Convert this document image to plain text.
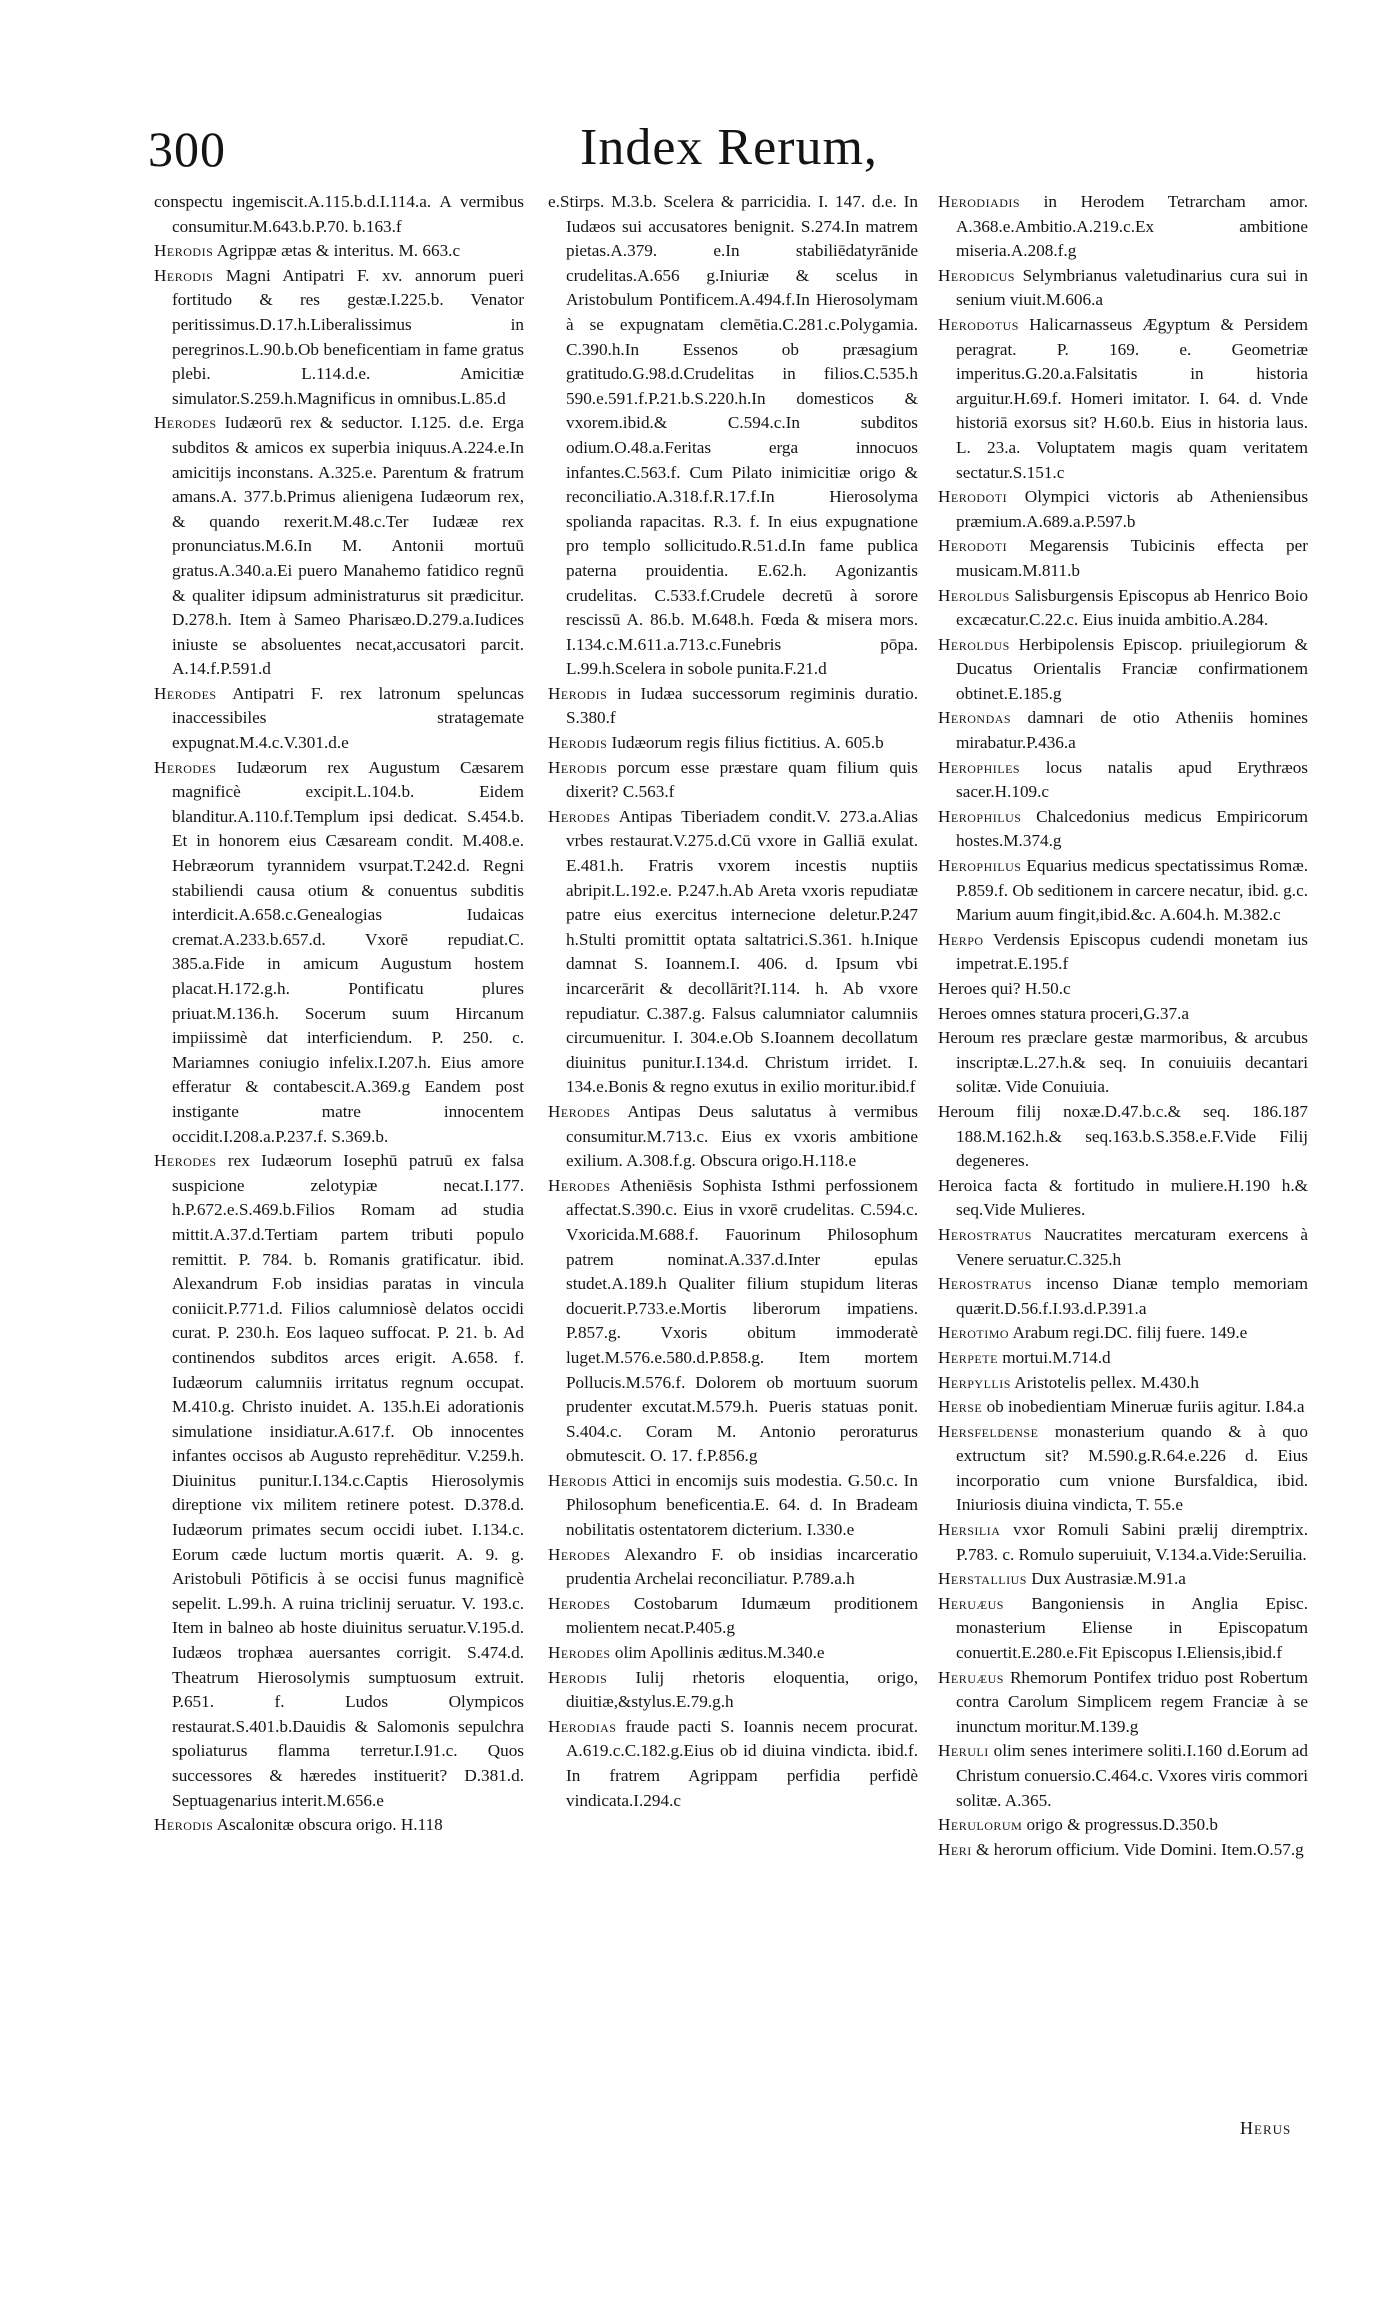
300	Index Rerum,

conspectu ingemiscit.A.115.b.d.I.114.a. A vermibus consumitur.M.643.b.P.70. b.163.f

Herodis Agrippæ ætas & interitus. M. 663.c

Herodis Magni Antipatri F. xv. annorum pueri fortitudo & res gestæ.I.225.b. Venator peritissimus.D.17.h.Liberalissimus in peregrinos.L.90.b.Ob beneficentiam in fame gratus plebi. L.114.d.e. Amicitiæ simulator.S.259.h.Magnificus in omnibus.L.85.d

Herodes Iudæorū rex & seductor. I.125. d.e. Erga subditos & amicos ex superbia iniquus.A.224.e.In amicitijs inconstans. A.325.e. Parentum & fratrum amans.A. 377.b.Primus alienigena Iudæorum rex, & quando rexerit.M.48.c.Ter Iudææ rex pronunciatus.M.6.In M. Antonii mortuū gratus.A.340.a.Ei puero Manahemo fatidico regnū & qualiter idipsum administraturus sit prædicitur. D.278.h. Item à Sameo Pharisæo.D.279.a.Iudices iniuste se absoluentes necat,accusatori parcit. A.14.f.P.591.d

Herodes Antipatri F. rex latronum speluncas inaccessibiles stratagemate expugnat.M.4.c.V.301.d.e

Herodes Iudæorum rex Augustum Cæsarem magnificè excipit.L.104.b. Eidem blanditur.A.110.f.Templum ipsi dedicat. S.454.b. Et in honorem eius Cæsaream condit. M.408.e. Hebræorum tyrannidem vsurpat.T.242.d. Regni stabiliendi causa otium & conuentus subditis interdicit.A.658.c.Genealogias Iudaicas cremat.A.233.b.657.d. Vxorē repudiat.C. 385.a.Fide in amicum Augustum hostem placat.H.172.g.h. Pontificatu plures priuat.M.136.h. Socerum suum Hircanum impiissimè dat interficiendum. P. 250. c. Mariamnes coniugio infelix.I.207.h. Eius amore efferatur & contabescit.A.369.g Eandem post instigante matre innocentem occidit.I.208.a.P.237.f. S.369.b.

Herodes rex Iudæorum Iosephū patruū ex falsa suspicione zelotypiæ necat.I.177. h.P.672.e.S.469.b.Filios Romam ad studia mittit.A.37.d.Tertiam partem tributi populo remittit. P. 784. b. Romanis gratificatur. ibid. Alexandrum F.ob insidias paratas in vincula coniicit.P.771.d. Filios calumniosè delatos occidi curat. P. 230.h. Eos laqueo suffocat. P. 21. b. Ad continendos subditos arces erigit. A.658. f. Iudæorum calumniis irritatus regnum occupat. M.410.g. Christo inuidet. A. 135.h.Ei adorationis simulatione insidiatur.A.617.f. Ob innocentes infantes occisos ab Augusto reprehēditur. V.259.h. Diuinitus punitur.I.134.c.Captis Hierosolymis direptione vix militem retinere potest. D.378.d. Iudæorum primates secum occidi iubet. I.134.c. Eorum cæde luctum mortis quærit. A. 9. g. Aristobuli Pōtificis à se occisi funus magnificè sepelit. L.99.h. A ruina triclinij seruatur. V. 193.c. Item in balneo ab hoste diuinitus seruatur.V.195.d. Iudæos trophæa auersantes corrigit. S.474.d. Theatrum Hierosolymis sumptuosum extruit. P.651. f. Ludos Olympicos restaurat.S.401.b.Dauidis & Salomonis sepulchra spoliaturus flamma terretur.I.91.c. Quos successores & hæredes instituerit? D.381.d. Septuagenarius interit.M.656.e

Herodis Ascalonitæ obscura origo. H.118

e.Stirps. M.3.b. Scelera & parricidia. I. 147. d.e. In Iudæos sui accusatores benignit. S.274.In matrem pietas.A.379. e.In stabiliēdatyrānide crudelitas.A.656 g.Iniuriæ & scelus in Aristobulum Pontificem.A.494.f.In Hierosolymam à se expugnatam clemētia.C.281.c.Polygamia. C.390.h.In Essenos ob præsagium gratitudo.G.98.d.Crudelitas in filios.C.535.h 590.e.591.f.P.21.b.S.220.h.In domesticos & vxorem.ibid.& C.594.c.In subditos odium.O.48.a.Feritas erga innocuos infantes.C.563.f. Cum Pilato inimicitiæ origo & reconciliatio.A.318.f.R.17.f.In Hierosolyma spolianda rapacitas. R.3. f. In eius expugnatione pro templo sollicitudo.R.51.d.In fame publica paterna prouidentia. E.62.h. Agonizantis crudelitas. C.533.f.Crudele decretū à sorore rescissū A. 86.b. M.648.h. Fœda & misera mors. I.134.c.M.611.a.713.c.Funebris pōpa. L.99.h.Scelera in sobole punita.F.21.d

Herodis in Iudæa successorum regiminis duratio. S.380.f

Herodis Iudæorum regis filius fictitius. A. 605.b

Herodis porcum esse præstare quam filium quis dixerit? C.563.f

Herodes Antipas Tiberiadem condit.V. 273.a.Alias vrbes restaurat.V.275.d.Cū vxore in Galliā exulat. E.481.h. Fratris vxorem incestis nuptiis abripit.L.192.e. P.247.h.Ab Areta vxoris repudiatæ patre eius exercitus internecione deletur.P.247 h.Stulti promittit optata saltatrici.S.361. h.Inique damnat S. Ioannem.I. 406. d. Ipsum vbi incarcerārit & decollārit?I.114. h. Ab vxore repudiatur. C.387.g. Falsus calumniator calumniis circumuenitur. I. 304.e.Ob S.Ioannem decollatum diuinitus punitur.I.134.d. Christum irridet. I. 134.e.Bonis & regno exutus in exilio moritur.ibid.f

Herodes Antipas Deus salutatus à vermibus consumitur.M.713.c. Eius ex vxoris ambitione exilium. A.308.f.g. Obscura origo.H.118.e

Herodes Atheniēsis Sophista Isthmi perfossionem affectat.S.390.c. Eius in vxorē crudelitas. C.594.c. Vxoricida.M.688.f. Fauorinum Philosophum patrem nominat.A.337.d.Inter epulas studet.A.189.h Qualiter filium stupidum literas docuerit.P.733.e.Mortis liberorum impatiens. P.857.g. Vxoris obitum immoderatè luget.M.576.e.580.d.P.858.g. Item mortem Pollucis.M.576.f. Dolorem ob mortuum suorum prudenter excutat.M.579.h. Pueris statuas ponit. S.404.c. Coram M. Antonio peroraturus obmutescit. O. 17. f.P.856.g

Herodis Attici in encomijs suis modestia. G.50.c. In Philosophum beneficentia.E. 64. d. In Bradeam nobilitatis ostentatorem dicterium. I.330.e

Herodes Alexandro F. ob insidias incarceratio prudentia Archelai reconciliatur. P.789.a.h

Herodes Costobarum Idumæum proditionem molientem necat.P.405.g

Herodes olim Apollinis æditus.M.340.e

Herodis Iulij rhetoris eloquentia, origo, diuitiæ,&stylus.E.79.g.h

Herodias fraude pacti S. Ioannis necem procurat. A.619.c.C.182.g.Eius ob id diuina vindicta. ibid.f. In fratrem Agrippam perfidia perfidè vindicata.I.294.c

Herodiadis in Herodem Tetrarcham amor. A.368.e.Ambitio.A.219.c.Ex ambitione miseria.A.208.f.g

Herodicus Selymbrianus valetudinarius cura sui in senium viuit.M.606.a

Herodotus Halicarnasseus Ægyptum & Persidem peragrat. P. 169. e. Geometriæ imperitus.G.20.a.Falsitatis in historia arguitur.H.69.f. Homeri imitator. I. 64. d. Vnde historiā exorsus sit? H.60.b. Eius in historia laus. L. 23.a. Voluptatem magis quam veritatem sectatur.S.151.c

Herodoti Olympici victoris ab Atheniensibus præmium.A.689.a.P.597.b

Herodoti Megarensis Tubicinis effecta per musicam.M.811.b

Heroldus Salisburgensis Episcopus ab Henrico Boio excæcatur.C.22.c. Eius inuida ambitio.A.284.

Heroldus Herbipolensis Episcop. priuilegiorum & Ducatus Orientalis Franciæ confirmationem obtinet.E.185.g

Herondas damnari de otio Atheniis homines mirabatur.P.436.a

Herophiles locus natalis apud Erythræos sacer.H.109.c

Herophilus Chalcedonius medicus Empiricorum hostes.M.374.g

Herophilus Equarius medicus spectatissimus Romæ. P.859.f. Ob seditionem in carcere necatur, ibid. g.c. Marium auum fingit,ibid.&c. A.604.h. M.382.c

Herpo Verdensis Episcopus cudendi monetam ius impetrat.E.195.f

Heroes qui? H.50.c

Heroes omnes statura proceri,G.37.a

Heroum res præclare gestæ marmoribus, & arcubus inscriptæ.L.27.h.& seq. In conuiuiis decantari solitæ. Vide Conuiuia.

Heroum filij noxæ.D.47.b.c.& seq. 186.187 188.M.162.h.& seq.163.b.S.358.e.F.Vide Filij degeneres.

Heroica facta & fortitudo in muliere.H.190 h.& seq.Vide Mulieres.

Herostratus Naucratites mercaturam exercens à Venere seruatur.C.325.h

Herostratus incenso Dianæ templo memoriam quærit.D.56.f.I.93.d.P.391.a

Herotimo Arabum regi.DC. filij fuere. 149.e

Herpete mortui.M.714.d

Herpyllis Aristotelis pellex. M.430.h

Herse ob inobedientiam Mineruæ furiis agitur. I.84.a

Hersfeldense monasterium quando & à quo extructum sit? M.590.g.R.64.e.226 d. Eius incorporatio cum vnione Bursfaldica, ibid. Iniuriosis diuina vindicta, T. 55.e

Hersilia vxor Romuli Sabini prælij diremptrix. P.783. c. Romulo superuiuit, V.134.a.Vide:Seruilia.

Herstallius Dux Austrasiæ.M.91.a

Heruæus Bangoniensis in Anglia Episc. monasterium Eliense in Episcopatum conuertit.E.280.e.Fit Episcopus I.Eliensis,ibid.f

Heruæus Rhemorum Pontifex triduo post Robertum contra Carolum Simplicem regem Franciæ à se inunctum moritur.M.139.g

Heruli olim senes interimere soliti.I.160 d.Eorum ad Christum conuersio.C.464.c. Vxores viris commori solitæ. A.365.

Herulorum origo & progressus.D.350.b

Heri & herorum officium. Vide Domini. Item.O.57.g

Herus
